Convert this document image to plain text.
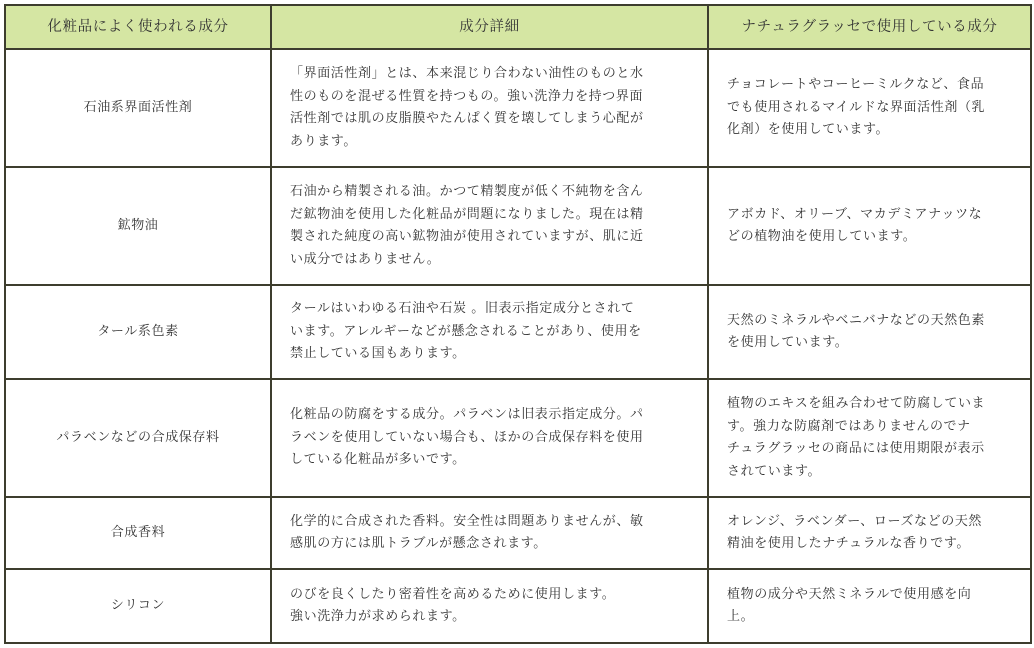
化粧品によく使われる成分	成分詳細	ナチュラグラッセで使用している成分
石油系界面活性剤	「界面活性剤」とは、本来混じり合わない油性のものと水
性のものを混ぜる性質を持つもの。強い洗浄力を持つ界面
活性剤では肌の皮脂膜やたんぱく質を壊してしまう心配が
あります。	チョコレートやコーヒーミルクなど、食品
でも使用されるマイルドな界面活性剤（乳
化剤）を使用しています。

鉱物油	石油から精製される油。かつて精製度が低く不純物を含ん
だ鉱物油を使用した化粧品が問題になりました。現在は精
製された純度の高い鉱物油が使用されていますが、肌に近
い成分ではありません。	アボカド、オリーブ、マカデミアナッツな
どの植物油を使用しています。

タール系色素	タールはいわゆる石油や石炭 。旧表示指定成分とされて
います。アレルギーなどが懸念されることがあり、使用を
禁止している国もあります。	天然のミネラルやベニバナなどの天然色素
を使用しています。

パラベンなどの合成保存料	化粧品の防腐をする成分。パラベンは旧表示指定成分。パ
ラベンを使用していない場合も、ほかの合成保存料を使用
している化粧品が多いです。	植物のエキスを組み合わせて防腐していま
す。強力な防腐剤ではありませんのでナ
チュラグラッセの商品には使用期限が表示
されています。

合成香料	化学的に合成された香料。安全性は問題ありませんが、敏
感肌の方には肌トラブルが懸念されます。	オレンジ、ラベンダー、ローズなどの天然
精油を使用したナチュラルな香りです。

シリコン	のびを良くしたり密着性を高めるために使用します。
強い洗浄力が求められます。	植物の成分や天然ミネラルで使用感を向
上。
